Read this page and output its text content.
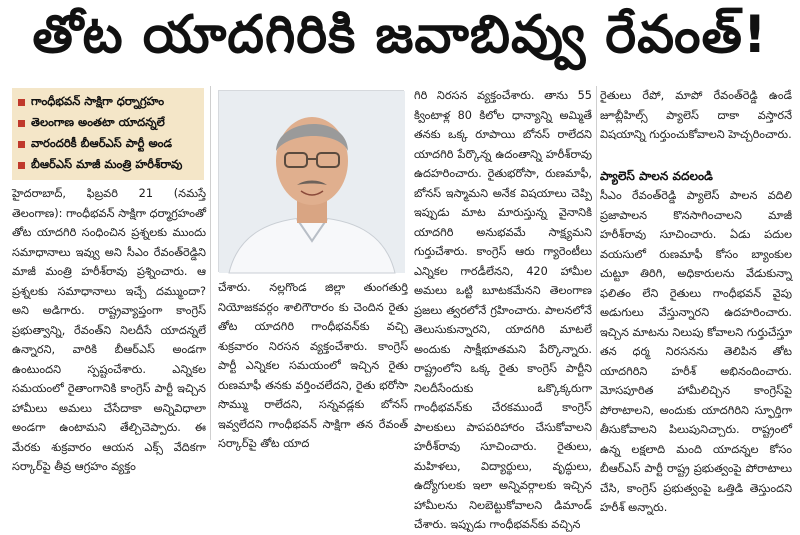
తోట యాదగిరికి జవాబివ్వు రేవంత్!
గాంధీభవన్ సాక్షిగా ధర్నాగ్రహం
తెలంగాణ అంతటా యాదన్నలే
వారందరికీ బీఆర్ఎస్ పార్టీ అండ
బీఆర్ఎస్ మాజీ మంత్రి హరీశ్‌రావు

హైదరాబాద్, ఫిబ్రవరి 21 (నమస్తే తెలంగాణ): గాంధీభవన్ సాక్షిగా ధర్మాగ్రహంతో తోట యాదగిరి సంధించిన ప్రశ్నలకు ముందు సమాధానాలు ఇవ్వు అని సీఎం రేవంత్‌రెడ్డిని మాజీ మంత్రి హరీశ్‌రావు ప్రశ్నించారు. ఆ ప్రశ్నలకు సమాధానాలు ఇచ్చే దమ్ముందా? అని అడిగారు. రాష్ట్రవ్యాప్తంగా కాంగ్రెస్ ప్రభుత్వాన్ని, రేవంత్‌ని నిలదీసే యాదన్నలే ఉన్నారని, వారికి బీఆర్ఎస్ అండగా ఉంటుందని స్పష్టంచేశారు. ఎన్నికల సమయంలో రైతాంగానికి కాంగ్రెస్ పార్టీ ఇచ్చిన హామీలు అమలు చేసేదాకా అన్నివిధాలా అండగా ఉంటామని తేల్చిచెప్పారు. ఈ మేరకు శుక్రవారం ఆయన ఎక్స్ వేదికగా సర్కార్‌పై తీవ్ర ఆగ్రహం వ్యక్తం

చేశారు. నల్లగొండ జిల్లా తుంగతుర్తి నియోజకవర్గం శాలిగౌరారం కు చెందిన రైతు తోట యాదగిరి గాంధీభవన్‌కు వచ్చి శుక్రవారం నిరసన వ్యక్తంచేశారు. కాంగ్రెస్ పార్టీ ఎన్నికల సమయంలో ఇచ్చిన రైతు రుణమాఫీ తనకు వర్తించలేదని, రైతు భరోసా సొమ్ము రాలేదని, సన్నవడ్లకు బోనస్ ఇవ్వలేదని గాంధీభవన్ సాక్షిగా తన రేవంత్ సర్కార్‌పై తోట యాద

గిరి నిరసన వ్యక్తంచేశారు. తాను 55 క్వింటాళ్ల 80 కిలోల ధాన్యాన్ని అమ్మితే తనకు ఒక్క రూపాయి బోనస్ రాలేదని యాదగిరి పేర్కొన్న ఉదంతాన్ని హరీశ్‌రావు ఉదహరించారు. రైతుభరోసా, రుణమాఫీ, బోనస్ ఇస్మామని అనేక విషయాలు చెప్పి ఇప్పుడు మాట మారుస్తున్న వైనానికి యాదగిరి అనుభవమే సాక్ష్యమని గుర్తుచేశారు. కాంగ్రెస్ ఆరు గ్యారెంటీలు ఎన్నికల గారడీలేనని, 420 హామీల అమలు ఒట్టి బూటకమేనని తెలంగాణ ప్రజలు త్వరలోనే గ్రహించారు. పాలనలోనే తెలుసుకున్నారని, యాదగిరి మాటలే అందుకు సాక్షీభూతమని పేర్కొన్నారు. రాష్ట్రంలోని ఒక్క రైతు కాంగ్రెస్ పార్టీని నిలదీసేందుకు ఒక్కొక్కరుగా గాంధీభవన్‌కు చేరకముందే కాంగ్రెస్ పాలకులు పాపపరిహారం చేసుకోవాలని హరీశ్‌రావు సూచించారు. రైతులు, మహిళలు, విద్యార్థులు, వృద్ధులు, ఉద్యోగులకు ఇలా అన్నివర్గాలకు ఇచ్చిన హామీలను నిలబెట్టుకోవాలని డిమాండ్ చేశారు. ఇప్పుడు గాంధీభవన్‌కు వచ్చిన

రైతులు రేపో, మాపో రేవంత్‌రెడ్డి ఉండే జూబ్లీహిల్స్ ప్యాలెస్ దాకా వస్తారనే విషయాన్ని గుర్తుంచుకోవాలని హెచ్చరించారు.

ప్యాలెస్ పాలన వదలండి

సీఎం రేవంత్‌రెడ్డి ప్యాలెస్ పాలన వదిలి ప్రజాపాలన కొనసాగించాలని మాజీ హరీశ్‌రావు సూచించారు. ఏడు పదుల వయసులో రుణమాఫీ కోసం బ్యాంకుల చుట్టూ తిరిగి, అధికారులను వేడుకున్నా ఫలితం లేని రైతులు గాంధీభవన్ వైపు అడుగులు వేస్తున్నారని ఉదహరించారు. ఇచ్చిన మాటను నిలుపు కోవాలని గుర్తుచేస్తూ తన ధర్మ నిరసనను తెలిపిన తోట యాదగిరిని హరీశ్ అభినందించారు. మోసపూరిత హామీలిచ్చిన కాంగ్రెస్‌పై పోరాటాలని, అందుకు యాదగిరిని స్ఫూర్తిగా తీసుకోవాలని పిలుపునిచ్చారు. రాష్ట్రంలో ఉన్న లక్షలాది మంది యాదన్నల కోసం బీఆర్ఎస్ పార్టీ రాష్ట్ర ప్రభుత్వంపై పోరాటాలు చేసి, కాంగ్రెస్ ప్రభుత్వంపై ఒత్తిడి తెస్తుందని హరీశ్ అన్నారు.
